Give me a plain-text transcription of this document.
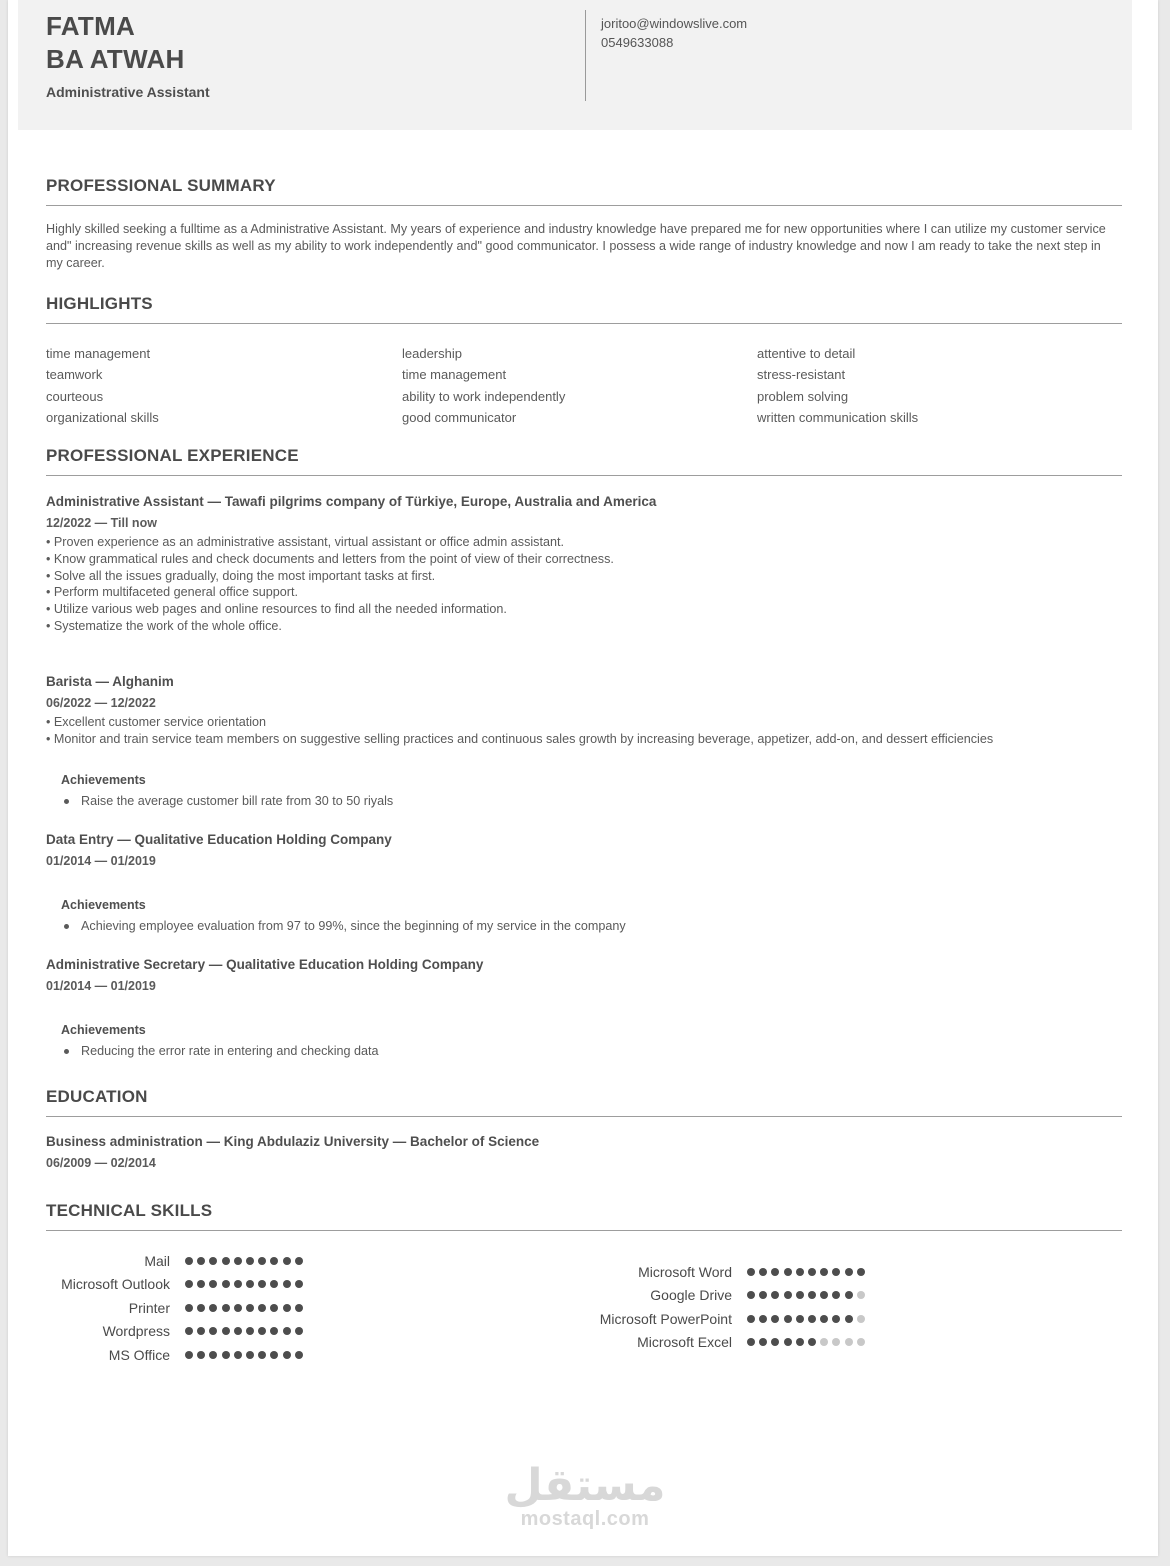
FATMA
BA ATWAH
Administrative Assistant
joritoo@windowslive.com
0549633088
PROFESSIONAL SUMMARY
Highly skilled seeking a fulltime as a Administrative Assistant. My years of experience and industry knowledge have prepared me for new opportunities where I can utilize my customer service and" increasing revenue skills as well as my ability to work independently and" good communicator. I possess a wide range of industry knowledge and now I am ready to take the next step in my career.
HIGHLIGHTS
time management
teamwork
courteous
organizational skills
leadership
time management
ability to work independently
good communicator
attentive to detail
stress-resistant
problem solving
written communication skills
PROFESSIONAL EXPERIENCE
Administrative Assistant — Tawafi pilgrims company of Türkiye, Europe, Australia and America
12/2022 — Till now
• Proven experience as an administrative assistant, virtual assistant or office admin assistant.
• Know grammatical rules and check documents and letters from the point of view of their correctness.
• Solve all the issues gradually, doing the most important tasks at first.
• Perform multifaceted general office support.
• Utilize various web pages and online resources to find all the needed information.
• Systematize the work of the whole office.
Barista — Alghanim
06/2022 — 12/2022
• Excellent customer service orientation
• Monitor and train service team members on suggestive selling practices and continuous sales growth by increasing beverage, appetizer, add-on, and dessert efficiencies
Achievements
Raise the average customer bill rate from 30 to 50 riyals
Data Entry — Qualitative Education Holding Company
01/2014 — 01/2019
Achievements
Achieving employee evaluation from 97 to 99%, since the beginning of my service in the company
Administrative Secretary — Qualitative Education Holding Company
01/2014 — 01/2019
Achievements
Reducing the error rate in entering and checking data
EDUCATION
Business administration — King Abdulaziz University — Bachelor of Science
06/2009 — 02/2014
TECHNICAL SKILLS
Mail
Microsoft Outlook
Printer
Wordpress
MS Office
Microsoft Word
Google Drive
Microsoft PowerPoint
Microsoft Excel
مستقل
mostaql.com
